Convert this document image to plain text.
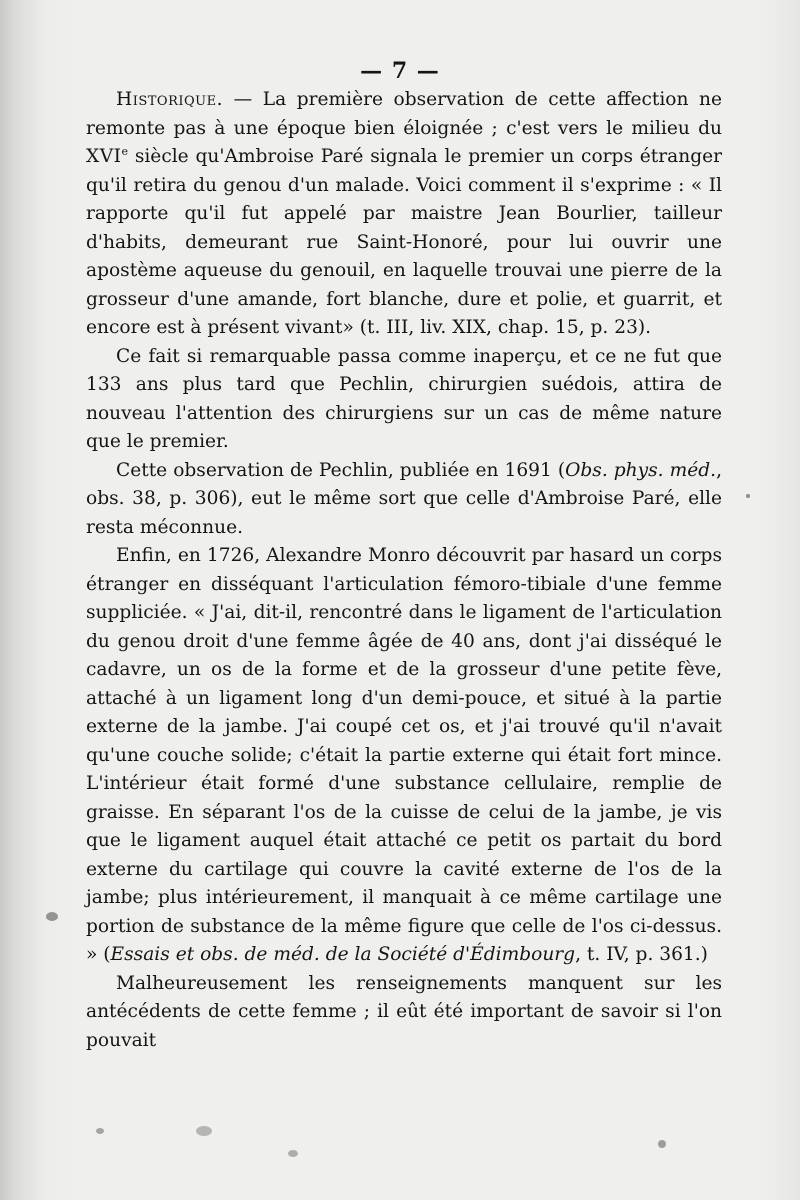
— 7 —

Historique. — La première observation de cette affection ne remonte pas à une époque bien éloignée ; c'est vers le milieu du XVIe siècle qu'Ambroise Paré signala le premier un corps étranger qu'il retira du genou d'un malade. Voici comment il s'exprime : « Il rapporte qu'il fut appelé par maistre Jean Bourlier, tailleur d'habits, demeurant rue Saint-Honoré, pour lui ouvrir une apostème aqueuse du genouil, en laquelle trouvai une pierre de la grosseur d'une amande, fort blanche, dure et polie, et guarrit, et encore est à présent vivant» (t. III, liv. XIX, chap. 15, p. 23).

Ce fait si remarquable passa comme inaperçu, et ce ne fut que 133 ans plus tard que Pechlin, chirurgien suédois, attira de nouveau l'attention des chirurgiens sur un cas de même nature que le premier.

Cette observation de Pechlin, publiée en 1691 (Obs. phys. méd., obs. 38, p. 306), eut le même sort que celle d'Ambroise Paré, elle resta méconnue.

Enfin, en 1726, Alexandre Monro découvrit par hasard un corps étranger en disséquant l'articulation fémoro-tibiale d'une femme suppliciée. « J'ai, dit-il, rencontré dans le ligament de l'articulation du genou droit d'une femme âgée de 40 ans, dont j'ai disséqué le cadavre, un os de la forme et de la grosseur d'une petite fève, attaché à un ligament long d'un demi-pouce, et situé à la partie externe de la jambe. J'ai coupé cet os, et j'ai trouvé qu'il n'avait qu'une couche solide; c'était la partie externe qui était fort mince. L'intérieur était formé d'une substance cellulaire, remplie de graisse. En séparant l'os de la cuisse de celui de la jambe, je vis que le ligament auquel était attaché ce petit os partait du bord externe du cartilage qui couvre la cavité externe de l'os de la jambe; plus intérieurement, il manquait à ce même cartilage une portion de substance de la même figure que celle de l'os ci-dessus. » (Essais et obs. de méd. de la Société d'Édimbourg, t. IV, p. 361.)

Malheureusement les renseignements manquent sur les antécédents de cette femme ; il eût été important de savoir si l'on pouvait
